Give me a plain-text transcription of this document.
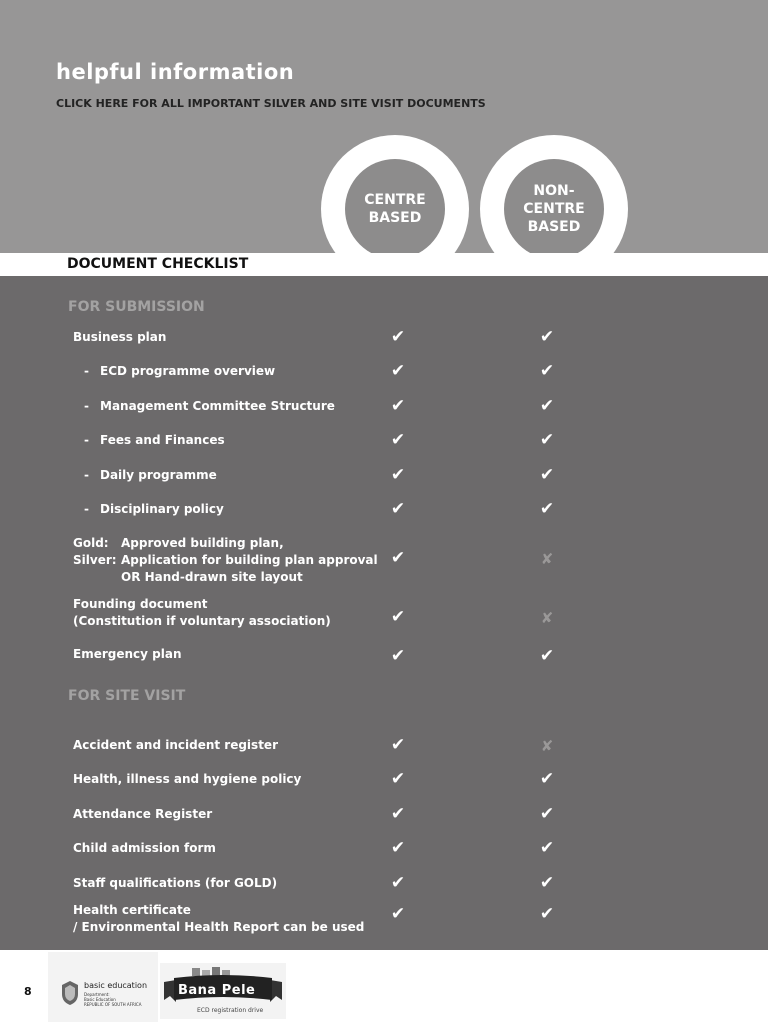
helpful information
CLICK HERE FOR ALL IMPORTANT SILVER AND SITE VISIT DOCUMENTS
CENTRE
BASED
NON-
CENTRE
BASED
DOCUMENT CHECKLIST
FOR SUBMISSION
Business plan	✔	✔
- ECD programme overview	✔	✔
- Management Committee Structure	✔	✔
- Fees and Finances	✔	✔
- Daily programme	✔	✔
- Disciplinary policy	✔	✔
Gold: Approved building plan,
Silver: Application for building plan approval
OR Hand-drawn site layout
✔	✘
Founding document
(Constitution if voluntary association)	✔	✘
Emergency plan	✔	✔
FOR SITE VISIT
Accident and incident register	✔	✘
Health, illness and hygiene policy	✔	✔
Attendance Register	✔	✔
Child admission form	✔	✔
Staff qualifications (for GOLD)	✔	✔
Health certificate
/ Environmental Health Report can be used
✔	✔
8	basic education
Department:
Basic Education
REPUBLIC OF SOUTH AFRICA
Bana Pele
ECD registration drive
